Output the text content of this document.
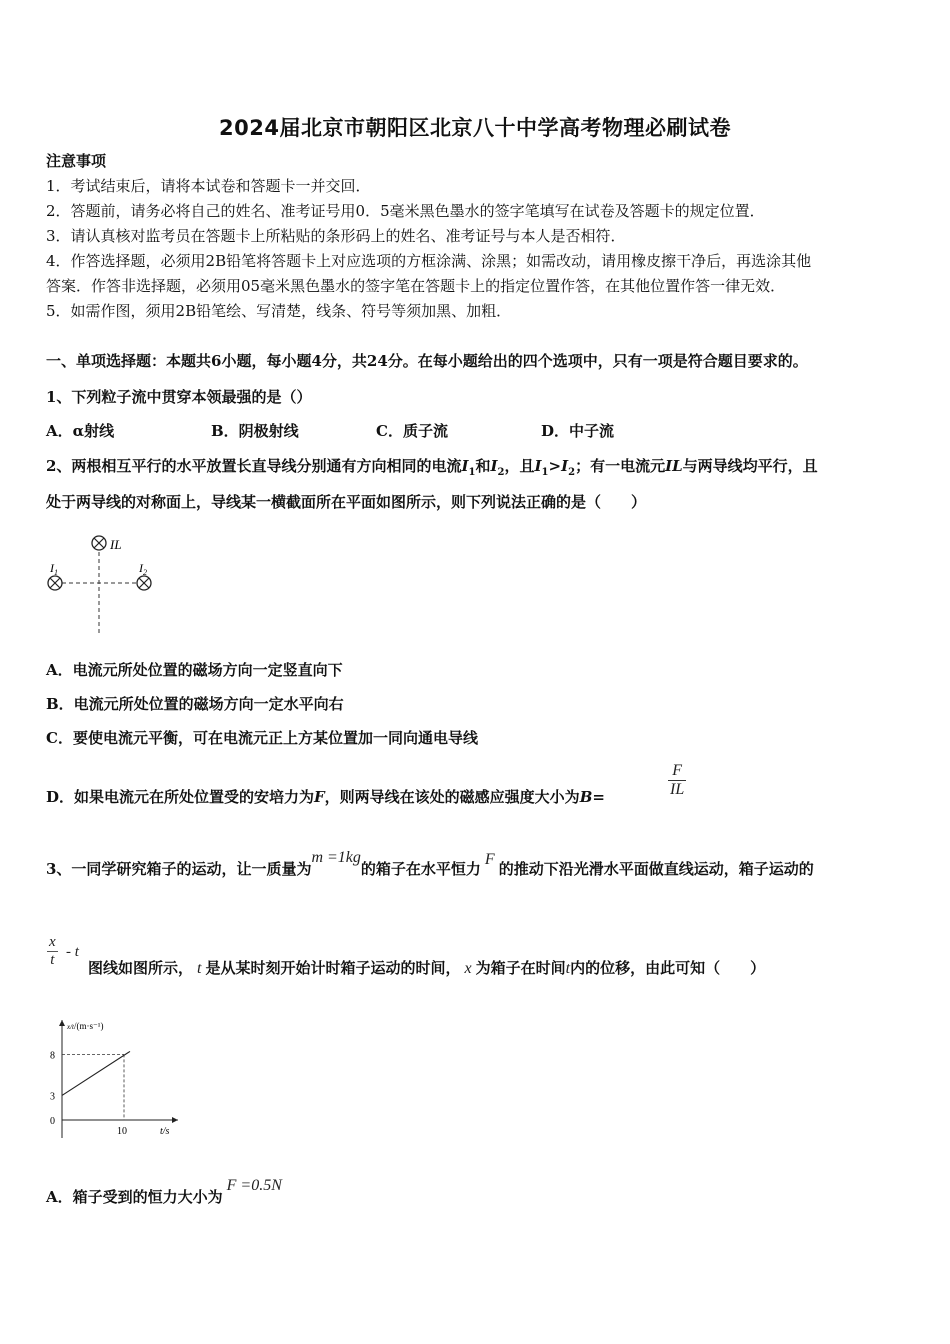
2024届北京市朝阳区北京八十中学高考物理必刷试卷
注意事项
1．考试结束后，请将本试卷和答题卡一并交回．
2．答题前，请务必将自己的姓名、准考证号用0．5毫米黑色墨水的签字笔填写在试卷及答题卡的规定位置．
3．请认真核对监考员在答题卡上所粘贴的条形码上的姓名、准考证号与本人是否相符．
4．作答选择题，必须用2B铅笔将答题卡上对应选项的方框涂满、涂黑；如需改动，请用橡皮擦干净后，再选涂其他
答案．作答非选择题，必须用05毫米黑色墨水的签字笔在答题卡上的指定位置作答，在其他位置作答一律无效．
5．如需作图，须用2B铅笔绘、写清楚，线条、符号等须加黑、加粗．
一、单项选择题：本题共6小题，每小题4分，共24分。在每小题给出的四个选项中，只有一项是符合题目要求的。
1、下列粒子流中贯穿本领最强的是（）
A．α射线	B．阴极射线	C．质子流	D．中子流
2、两根相互平行的水平放置长直导线分别通有方向相同的电流$I_1$和$I_2$，且$I_1>I_2$；有一电流元IL与两导线均平行，且
处于两导线的对称面上，导线某一横截面所在平面如图所示，则下列说法正确的是（　　）
IL
$I_1$	$I_2$
A．电流元所处位置的磁场方向一定竖直向下
B．电流元所处位置的磁场方向一定水平向右
C．要使电流元平衡，可在电流元正上方某位置加一同向通电导线
D．如果电流元在所处位置受的安培力为F，则两导线在该处的磁感应强度大小为B=	$\frac{F}{IL}$
3、一同学研究箱子的运动，让一质量为m =1kg的箱子在水平恒力F的推动下沿光滑水平面做直线运动，箱子运动的
$\frac{x}{t}$ - t
图线如图所示， t 是从某时刻开始计时箱子运动的时间， x 为箱子在时间t内的位移，由此可知（　　）
x/t/(m·s⁻¹)
t/s
8
3
0
10
A．箱子受到的恒力大小为F =0.5N
